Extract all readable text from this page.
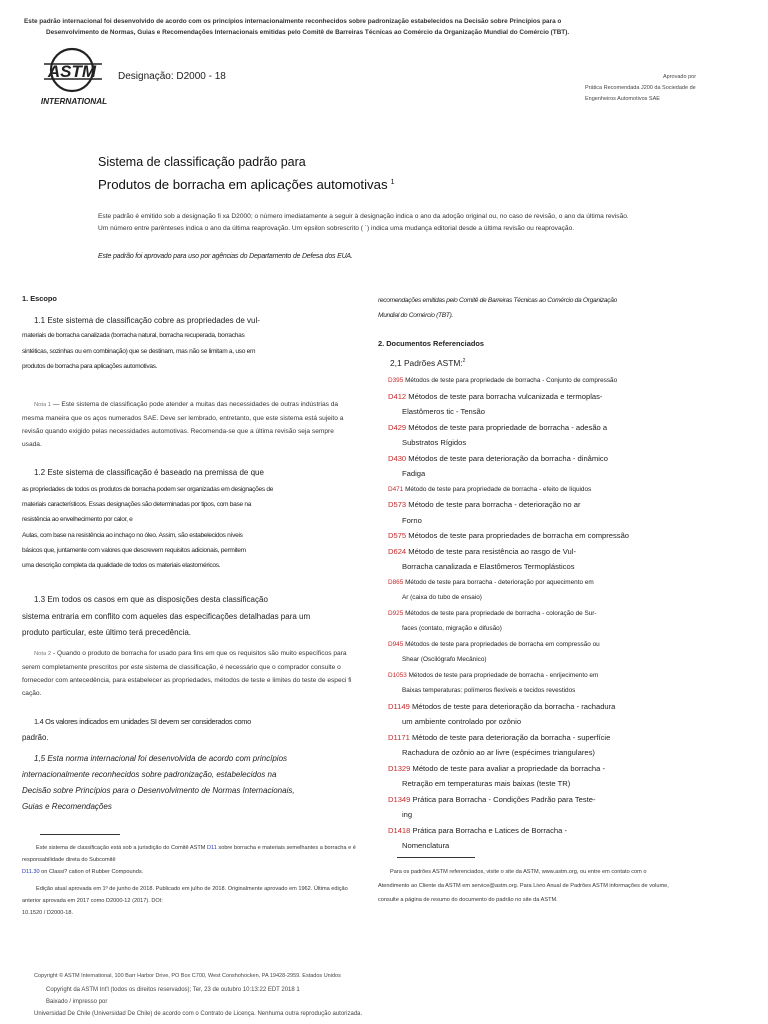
Este padrão internacional foi desenvolvido de acordo com os princípios internacionalmente reconhecidos sobre padronização estabelecidos na Decisão sobre Princípios para o
Desenvolvimento de Normas, Guias e Recomendações Internacionais emitidas pelo Comitê de Barreiras Técnicas ao Comércio da Organização Mundial do Comércio (TBT).
ASTM
INTERNATIONAL
Designação: D2000 - 18	Aprovado por
Prática Recomendada J200 da Sociedade de
Engenheiros Automotivos SAE
Sistema de classificação padrão para
Produtos de borracha em aplicações automotivas $^1$
Este padrão é emitido sob a designação fi xa D2000; o número imediatamente a seguir à designação indica o ano da adoção original ou, no caso de revisão, o ano da última revisão. Um número entre parênteses indica o ano da última reaprovação. Um epsilon sobrescrito ( ´) indica uma mudança editorial desde a última revisão ou reaprovação.
Este padrão foi aprovado para uso por agências do Departamento de Defesa dos EUA.
1. Escopo
1.1 Este sistema de classificação cobre as propriedades de vul-
materiais de borracha canalizada (borracha natural, borracha recuperada, borrachas
sintéticas, sozinhas ou em combinação) que se destinam, mas não se limitam a, uso em
produtos de borracha para aplicações automotivas.
Nota 1 — Este sistema de classificação pode atender a muitas das necessidades de outras indústrias da mesma maneira que os aços numerados SAE. Deve ser lembrado, entretanto, que este sistema está sujeito a revisão quando exigido pelas necessidades automotivas. Recomenda-se que a última revisão seja sempre usada.
1.2 Este sistema de classificação é baseado na premissa de que
as propriedades de todos os produtos de borracha podem ser organizadas em designações de
materiais característicos. Essas designações são determinadas por tipos, com base na
resistência ao envelhecimento por calor, e
Aulas, com base na resistência ao inchaço no óleo. Assim, são estabelecidos níveis
básicos que, juntamente com valores que descrevem requisitos adicionais, permitem
uma descrição completa da qualidade de todos os materiais elastoméricos.
1.3 Em todos os casos em que as disposições desta classificação
sistema entraria em conflito com aqueles das especificações detalhadas para um
produto particular, este último terá precedência.
Nota 2 - Quando o produto de borracha for usado para fins em que os requisitos são muito específicos para serem completamente prescritos por este sistema de classificação, é necessário que o comprador consulte o fornecedor com antecedência, para estabelecer as propriedades, métodos de teste e limites do teste de especi fi cação.
1.4 Os valores indicados em unidades SI devem ser considerados como
padrão.
1,5 Esta norma internacional foi desenvolvida de acordo com princípios
internacionalmente reconhecidos sobre padronização, estabelecidos na
Decisão sobre Princípios para o Desenvolvimento de Normas Internacionais,
Guias e Recomendações
Este sistema de classificação está sob a jurisdição do Comitê ASTM D11 sobre borracha e materiais semelhantes a borracha e é responsabilidade direta do Subcomitê
D11.30 on Classi? cation of Rubber Compounds.
Edição atual aprovada em 1º de junho de 2018. Publicado em julho de 2018. Originalmente aprovado em 1962. Última edição anterior aprovada em 2017 como D2000-12 (2017). DOI:
10.1520 / D2000-18.
recomendações emitidas pelo Comitê de Barreiras Técnicas ao Comércio da Organização
Mundial do Comércio (TBT).
2. Documentos Referenciados
2,1 Padrões ASTM:$^2$
D395 Métodos de teste para propriedade de borracha - Conjunto de compressão
D412 Métodos de teste para borracha vulcanizada e termoplas-
Elastômeros tic - Tensão
D429 Métodos de teste para propriedade de borracha - adesão a
Substratos Rígidos
D430 Métodos de teste para deterioração da borracha - dinâmico
Fadiga
D471 Método de teste para propriedade de borracha - efeito de líquidos
D573 Método de teste para borracha - deterioração no ar
Forno
D575 Métodos de teste para propriedades de borracha em compressão
D624 Método de teste para resistência ao rasgo de Vul-
Borracha canalizada e Elastômeros Termoplásticos
D865 Método de teste para borracha - deterioração por aquecimento em
Ar (caixa do tubo de ensaio)
D925 Métodos de teste para propriedade de borracha - coloração de Sur-
faces (contato, migração e difusão)
D945 Métodos de teste para propriedades de borracha em compressão ou
Shear (Oscilógrafo Mecânico)
D1053 Métodos de teste para propriedade de borracha - enrijecimento em
Baixas temperaturas: polímeros flexíveis e tecidos revestidos
D1149 Métodos de teste para deterioração da borracha - rachadura
um ambiente controlado por ozônio
D1171 Método de teste para deterioração da borracha - superfície
Rachadura de ozônio ao ar livre (espécimes triangulares)
D1329 Método de teste para avaliar a propriedade da borracha -
Retração em temperaturas mais baixas (teste TR)
D1349 Prática para Borracha - Condições Padrão para Teste-
ing
D1418 Prática para Borracha e Latices de Borracha -
Nomenclatura
Para os padrões ASTM referenciados, visite o site da ASTM, www.astm.org, ou entre em contato com o
Atendimento ao Cliente da ASTM em service@astm.org. Para Livro Anual de Padrões ASTM informações de volume,
consulte a página de resumo do documento do padrão no site da ASTM.
Copyright © ASTM International, 100 Barr Harbor Drive, PO Box C700, West Conshohocken, PA 19428-2959. Estados Unidos
Copyright da ASTM Int'l (todos os direitos reservados); Ter, 23 de outubro 10:13:22 EDT 2018 1
Baixado / impresso por
Universidad De Chile (Universidad De Chile) de acordo com o Contrato de Licença. Nenhuma outra reprodução autorizada.
